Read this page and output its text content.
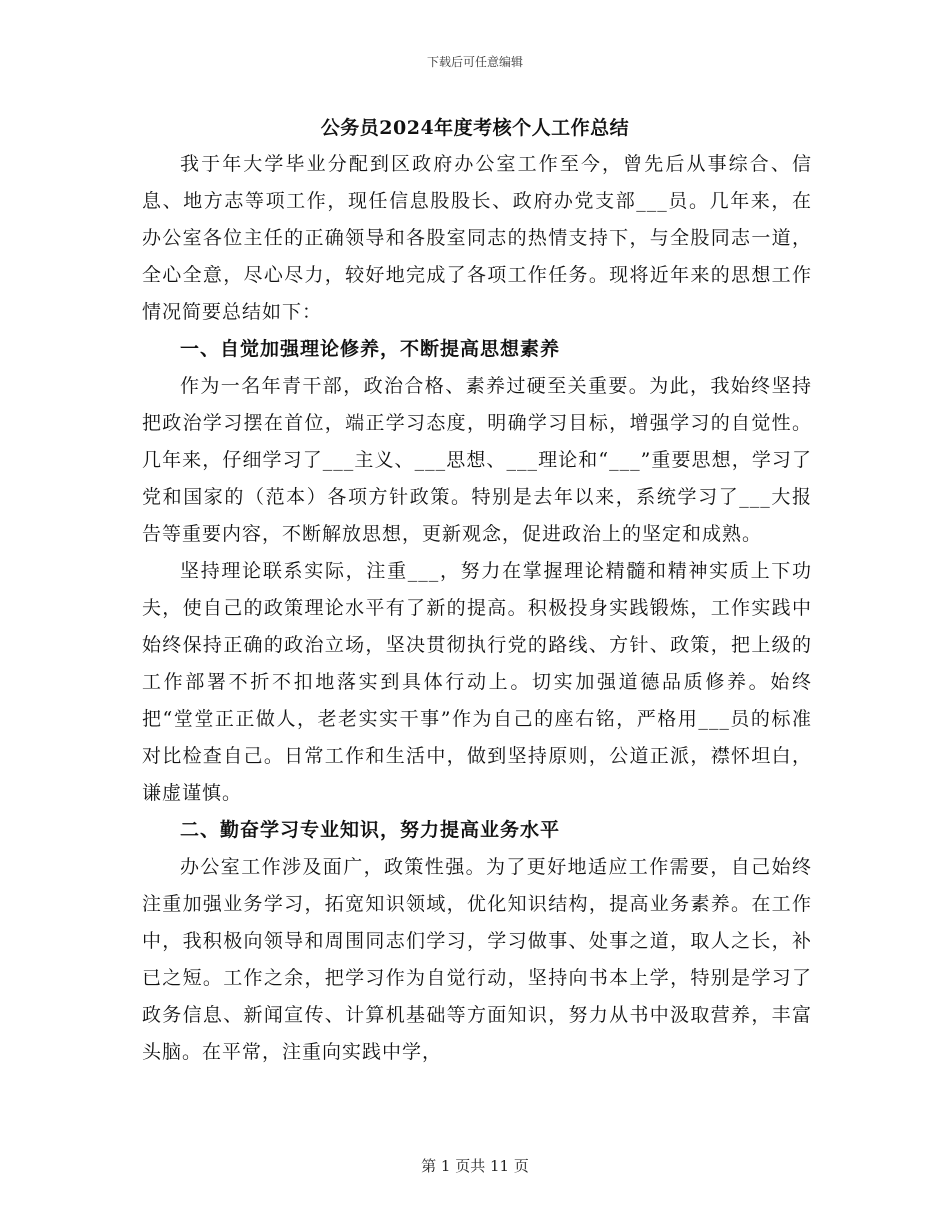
下载后可任意编辑
公务员2024年度考核个人工作总结

我于年大学毕业分配到区政府办公室工作至今，曾先后从事综合、信息、地方志等项工作，现任信息股股长、政府办党支部___员。几年来，在办公室各位主任的正确领导和各股室同志的热情支持下，与全股同志一道，全心全意，尽心尽力，较好地完成了各项工作任务。现将近年来的思想工作情况简要总结如下：

一、自觉加强理论修养，不断提高思想素养

作为一名年青干部，政治合格、素养过硬至关重要。为此，我始终坚持把政治学习摆在首位，端正学习态度，明确学习目标，增强学习的自觉性。几年来，仔细学习了___主义、___思想、___理论和“___”重要思想，学习了党和国家的（范本）各项方针政策。特别是去年以来，系统学习了___大报告等重要内容，不断解放思想，更新观念，促进政治上的坚定和成熟。

坚持理论联系实际，注重___，努力在掌握理论精髓和精神实质上下功夫，使自己的政策理论水平有了新的提高。积极投身实践锻炼，工作实践中始终保持正确的政治立场，坚决贯彻执行党的路线、方针、政策，把上级的工作部署不折不扣地落实到具体行动上。切实加强道德品质修养。始终把“堂堂正正做人，老老实实干事”作为自己的座右铭，严格用___员的标准对比检查自己。日常工作和生活中，做到坚持原则，公道正派，襟怀坦白，谦虚谨慎。

二、勤奋学习专业知识，努力提高业务水平

办公室工作涉及面广，政策性强。为了更好地适应工作需要，自己始终注重加强业务学习，拓宽知识领域，优化知识结构，提高业务素养。在工作中，我积极向领导和周围同志们学习，学习做事、处事之道，取人之长，补已之短。工作之余，把学习作为自觉行动，坚持向书本上学，特别是学习了政务信息、新闻宣传、计算机基础等方面知识，努力从书中汲取营养，丰富头脑。在平常，注重向实践中学，

第 1 页共 11 页
